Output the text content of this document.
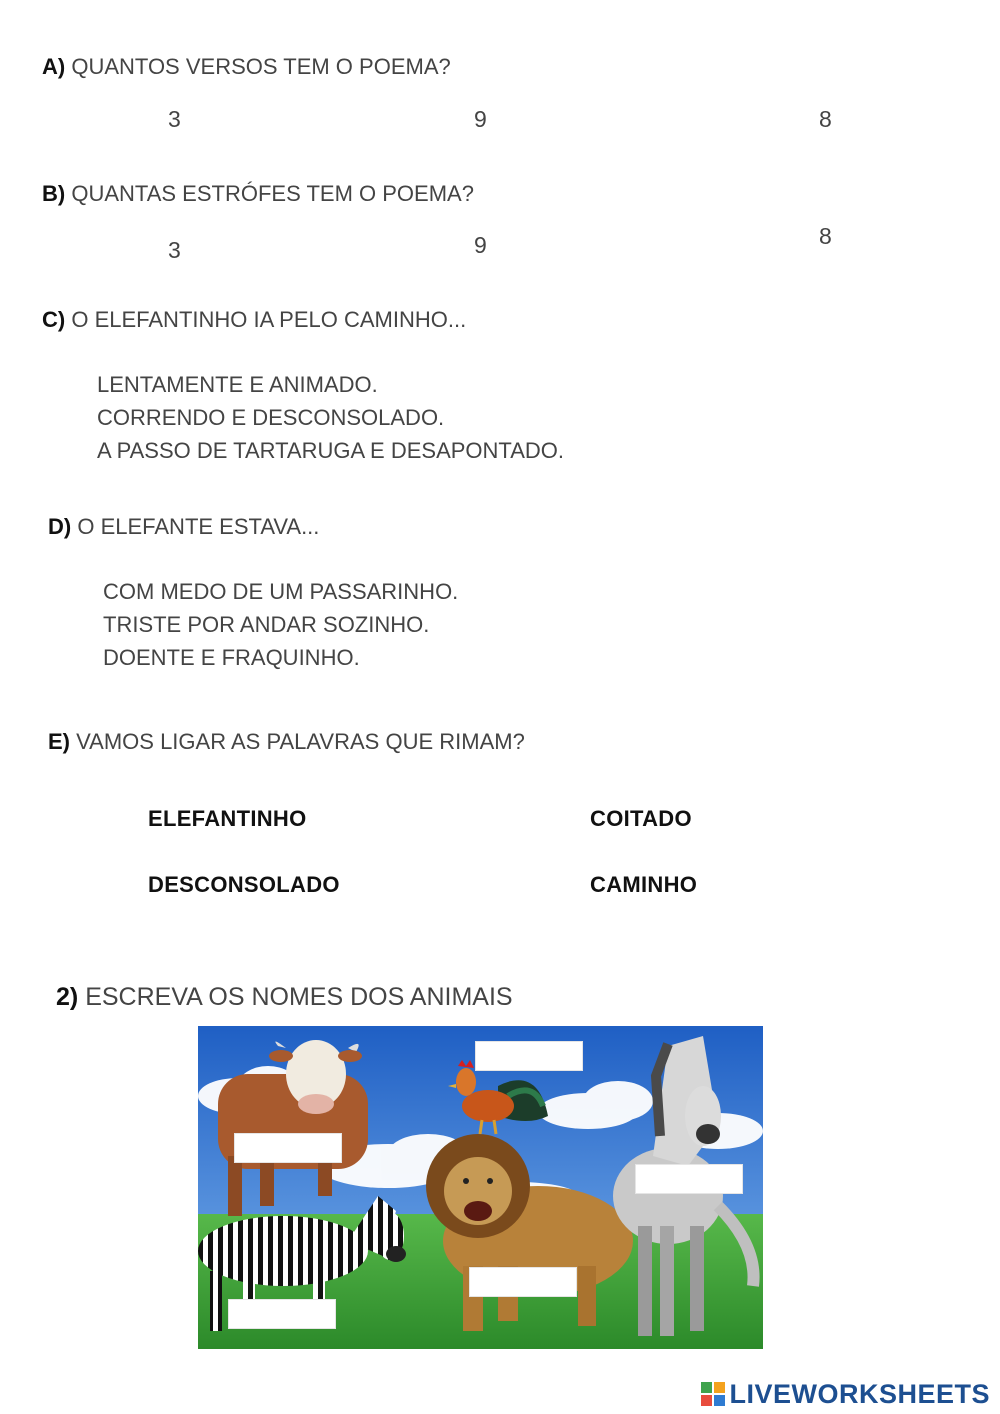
A) QUANTOS VERSOS TEM O POEMA?
3	9	8
B) QUANTAS ESTRÓFES TEM O POEMA?
3	9	8
C) O ELEFANTINHO IA PELO CAMINHO...
LENTAMENTE E ANIMADO.
CORRENDO E DESCONSOLADO.
A PASSO DE TARTARUGA E DESAPONTADO.
D) O ELEFANTE ESTAVA...
COM MEDO DE UM PASSARINHO.
TRISTE POR ANDAR SOZINHO.
DOENTE E FRAQUINHO.
E) VAMOS LIGAR AS PALAVRAS QUE RIMAM?
ELEFANTINHO
DESCONSOLADO
COITADO
CAMINHO
2) ESCREVA OS NOMES DOS ANIMAIS
LIVEWORKSHEETS
